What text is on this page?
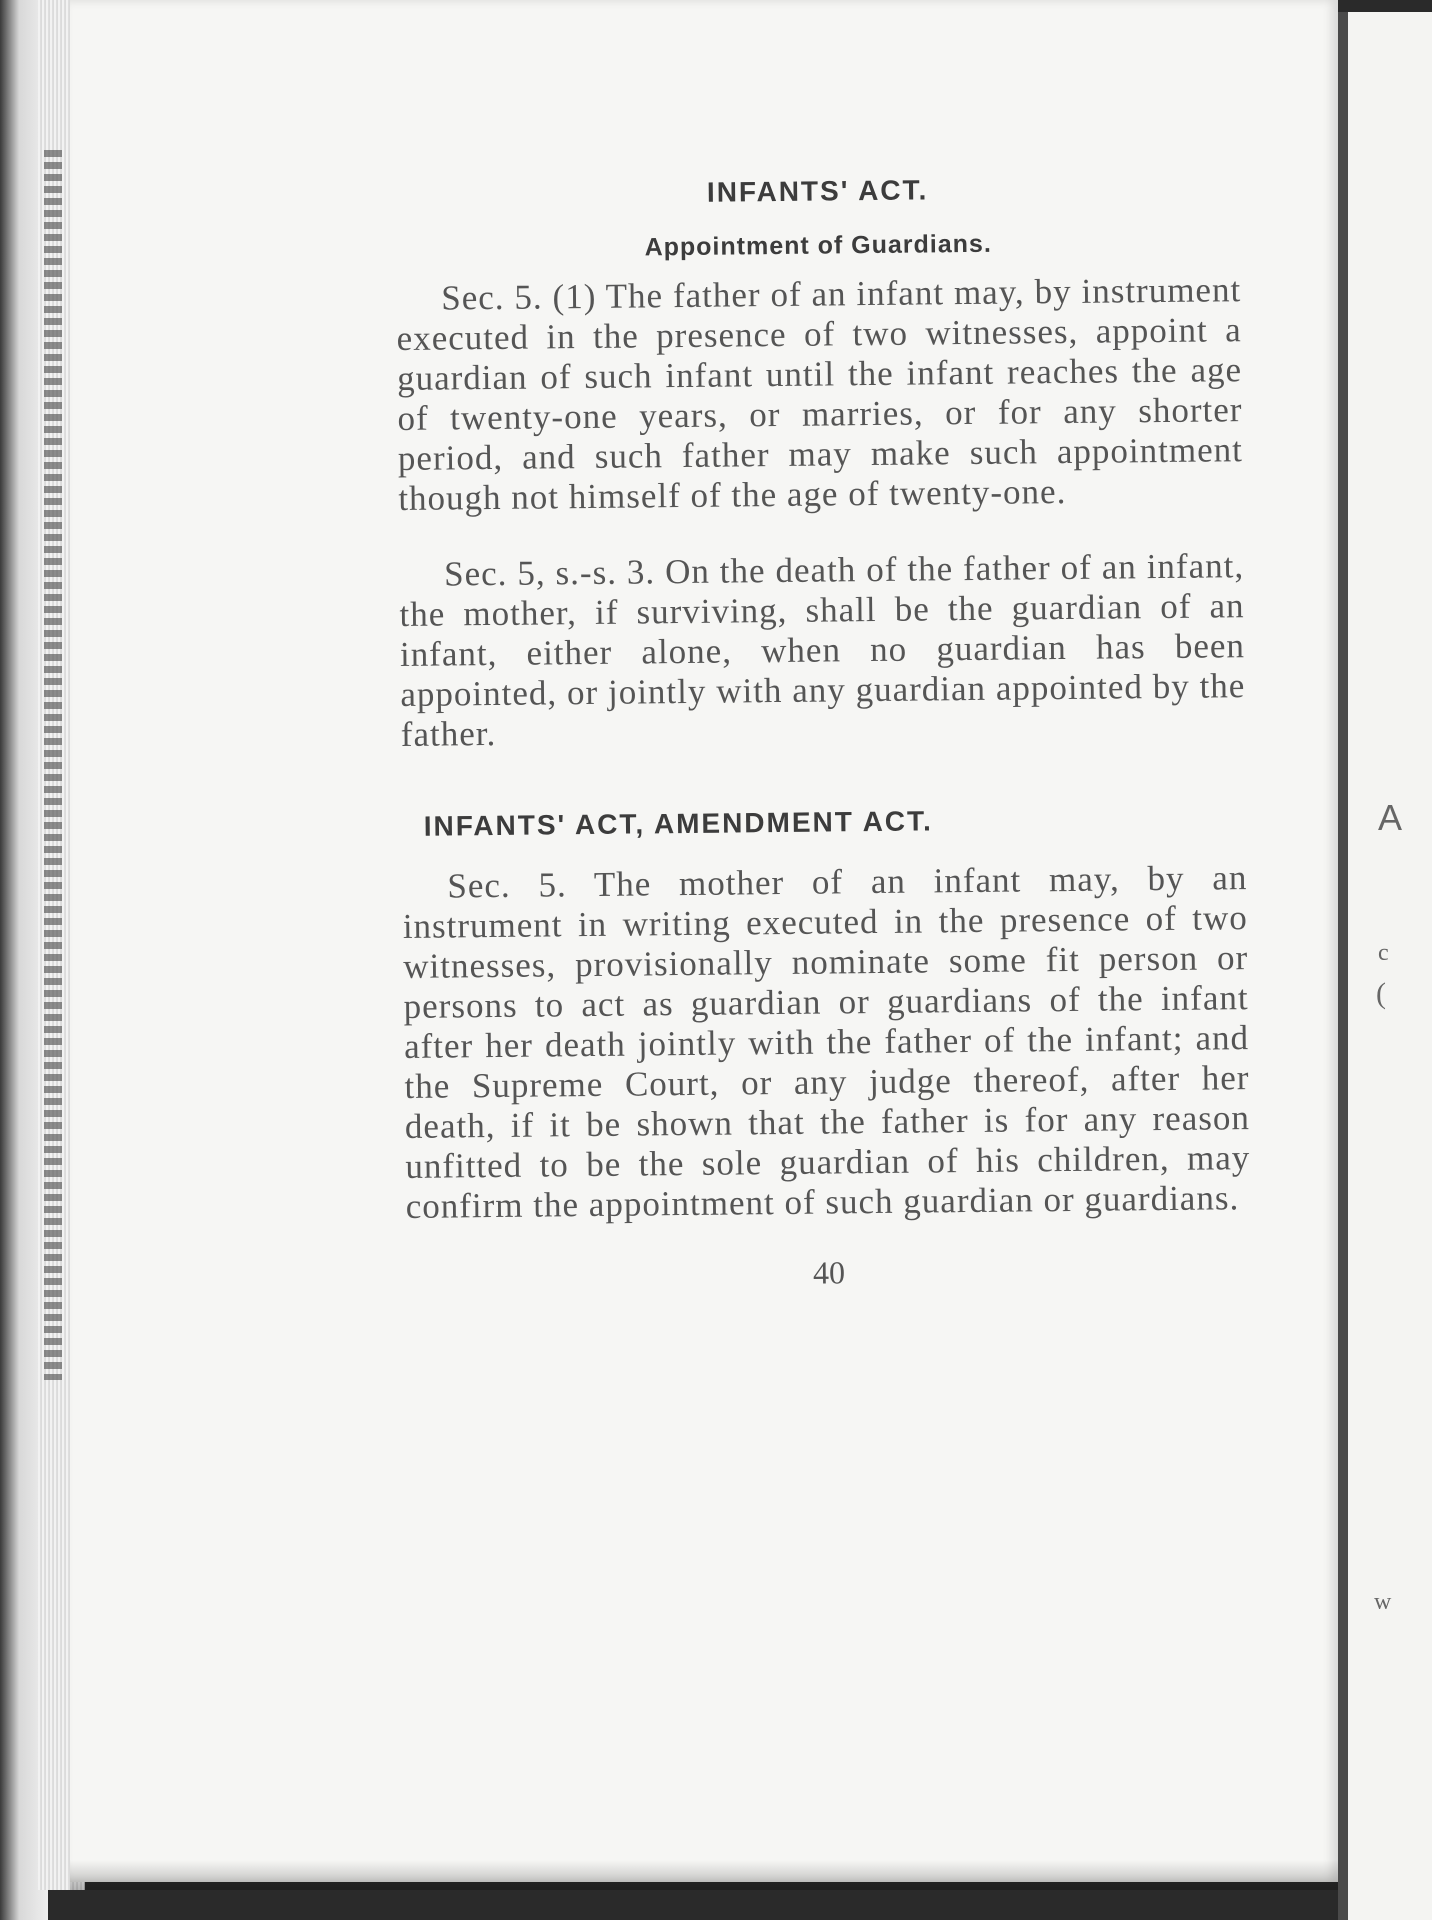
A
c
(
w
INFANTS' ACT.
Appointment of Guardians.

Sec. 5. (1) The father of an infant may, by instrument executed in the presence of two witnesses, appoint a guardian of such infant until the infant reaches the age of twenty-one years, or marries, or for any shorter period, and such father may make such appointment though not himself of the age of twenty-one.

Sec. 5, s.-s. 3. On the death of the father of an infant, the mother, if surviving, shall be the guardian of an infant, either alone, when no guardian has been appointed, or jointly with any guardian appointed by the father.

INFANTS' ACT, AMENDMENT ACT.

Sec. 5. The mother of an infant may, by an instrument in writing executed in the presence of two witnesses, provisionally nominate some fit person or persons to act as guardian or guardians of the infant after her death jointly with the father of the infant; and the Supreme Court, or any judge thereof, after her death, if it be shown that the father is for any reason unfitted to be the sole guardian of his children, may confirm the appointment of such guardian or guardians.

40
